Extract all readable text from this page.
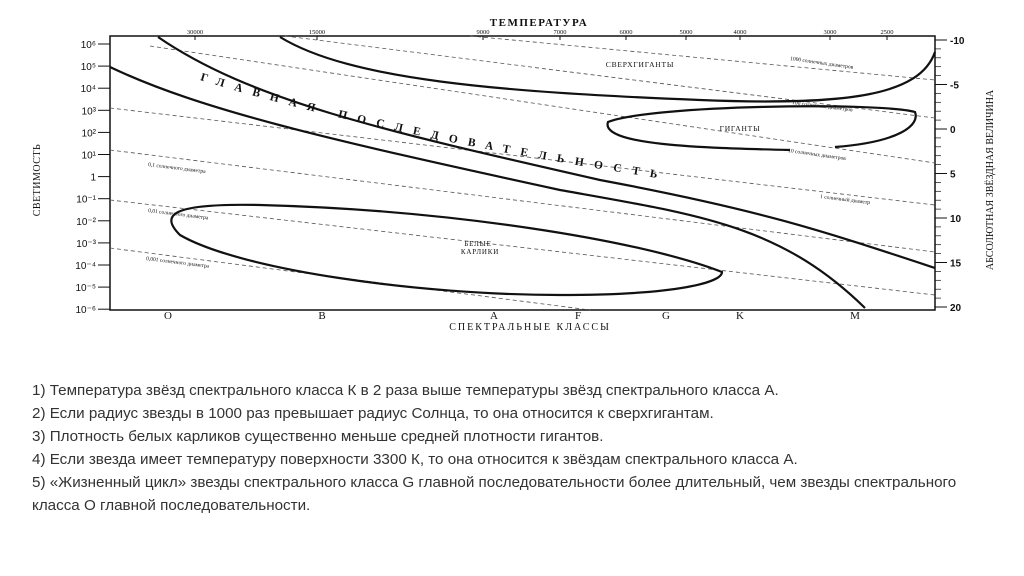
ТЕМПЕРАТУРА
СПЕКТРАЛЬНЫЕ КЛАССЫ
СВЕТИМОСТЬ	АБСОЛЮТНАЯ ЗВЁЗДНАЯ ВЕЛИЧИНА
30000	15000	9000	7000	6000	5000	4000	3000	2500
10⁶
10⁵
10⁴
10³
10²
10¹
1
10⁻¹
10⁻²
10⁻³
10⁻⁴
10⁻⁵
10⁻⁶
-10
-5
0
5
10
15
20
O	B	A	F	G	K	M
1000 солнечных диаметров
100 солнечных диаметров
10 солнечных диаметров
1 солнечный диаметр
0,1 солнечного диаметра
0,01 солнечного диаметра
0,001 солнечного диаметра
СВЕРХГИГАНТЫ
ГИГАНТЫ
БЕЛЫЕ
КАРЛИКИ
ГЛАВНАЯ ПОСЛЕДОВАТЕЛЬНОСТЬ
1) Температура звёзд спектрального класса К в 2 раза выше температуры звёзд спектрального класса А.
2) Если радиус звезды в 1000 раз превышает радиус Солнца, то она относится к сверхгигантам.
3) Плотность белых карликов существенно меньше средней плотности гигантов.
4) Если звезда имеет температуру поверхности 3300 К, то она относится к звёздам спектрального класса А.
5) «Жизненный цикл» звезды спектрального класса G главной последовательности более длительный, чем звезды спектрального класса О главной последовательности.
